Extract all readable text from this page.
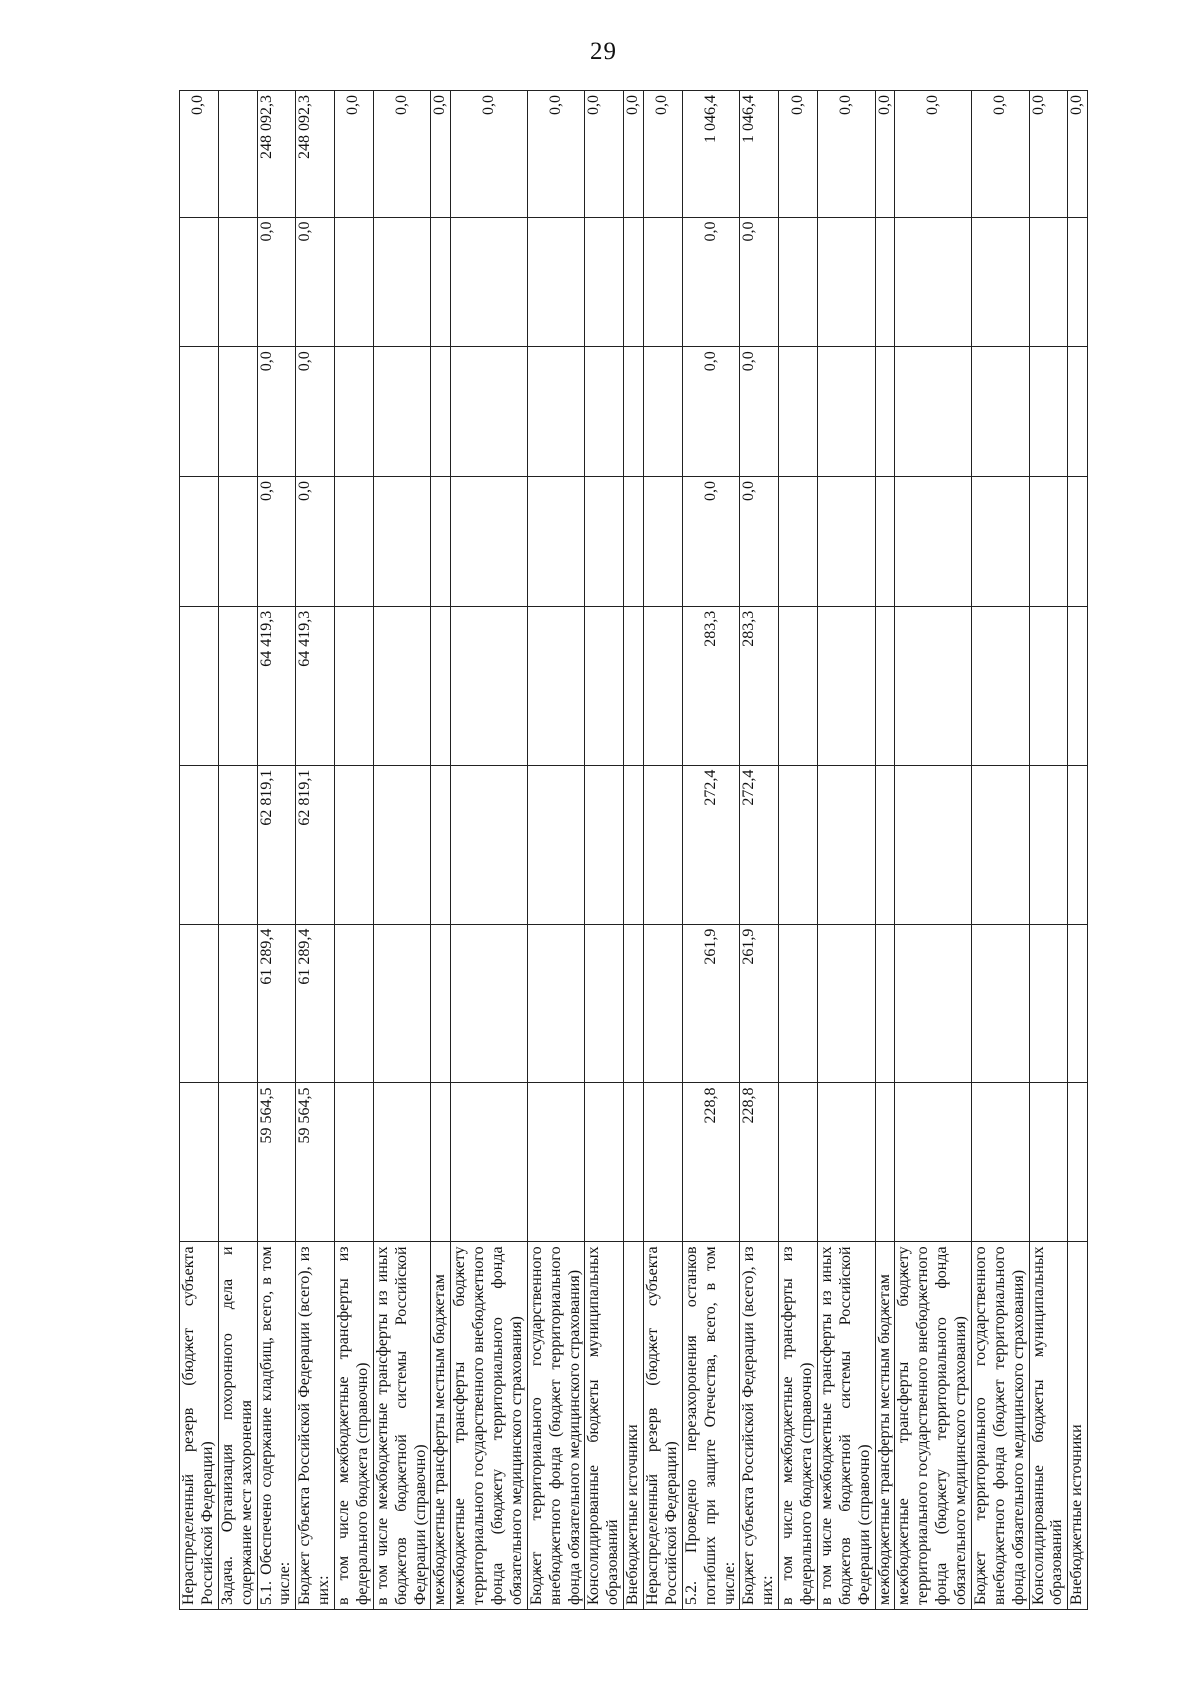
29
Нераспределенный резерв (бюджет субъекта Российской Федерации)								0,0
Задача. Организация похоронного дела и содержание мест захоронения								
5.1. Обеспечено содержание кладбищ, всего, в том числе:	59 564,5	61 289,4	62 819,1	64 419,3	0,0	0,0	0,0	248 092,3
Бюджет субъекта Российской Федерации (всего), из них:	59 564,5	61 289,4	62 819,1	64 419,3	0,0	0,0	0,0	248 092,3
в том числе межбюджетные трансферты из федерального бюджета (справочно)								0,0
в том числе межбюджетные трансферты из иных бюджетов бюджетной системы Российской Федерации (справочно)								0,0
межбюджетные трансферты местным бюджетам								0,0
межбюджетные трансферты бюджету территориального государственного внебюджетного фонда (бюджету территориального фонда обязательного медицинского страхования)								0,0
Бюджет территориального государственного внебюджетного фонда (бюджет территориального фонда обязательного медицинского страхования)								0,0
Консолидированные бюджеты муниципальных образований								0,0
Внебюджетные источники								0,0
Нераспределенный резерв (бюджет субъекта Российской Федерации)								0,0
5.2. Проведено перезахоронения останков погибших при защите Отечества, всего, в том числе:	228,8	261,9	272,4	283,3	0,0	0,0	0,0	1 046,4
Бюджет субъекта Российской Федерации (всего), из них:	228,8	261,9	272,4	283,3	0,0	0,0	0,0	1 046,4
в том числе межбюджетные трансферты из федерального бюджета (справочно)								0,0
в том числе межбюджетные трансферты из иных бюджетов бюджетной системы Российской Федерации (справочно)								0,0
межбюджетные трансферты местным бюджетам								0,0
межбюджетные трансферты бюджету территориального государственного внебюджетного фонда (бюджету территориального фонда обязательного медицинского страхования)								0,0
Бюджет территориального государственного внебюджетного фонда (бюджет территориального фонда обязательного медицинского страхования)								0,0
Консолидированные бюджеты муниципальных образований								0,0
Внебюджетные источники								0,0
